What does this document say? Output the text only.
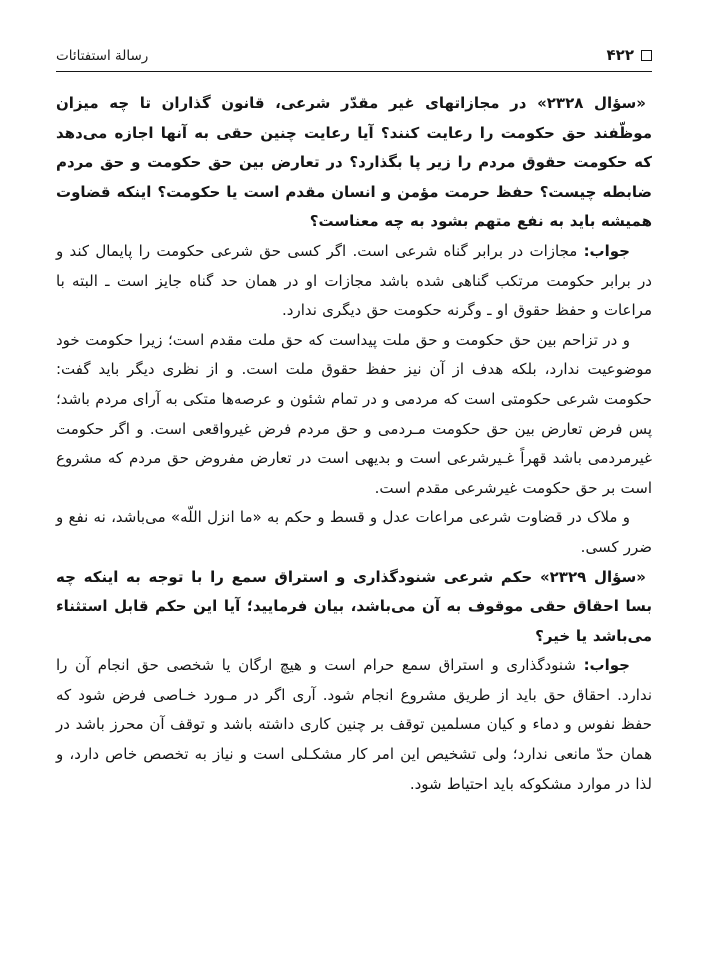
۴۲۲
رسالة استفتائات

«سؤال ۲۳۲۸» در مجازاتهای غیر مقدّر شرعی، قانون گذاران تا چه میزان موظّفند حق حکومت را رعایت کنند؟ آیا رعایت چنین حقی به آنها اجازه می‌دهد که حکومت حقوق مردم را زیر پا بگذارد؟ در تعارض بین حق حکومت و حق مردم ضابطه چیست؟ حفظ حرمت مؤمن و انسان مقدم است یا حکومت؟ اینکه قضاوت همیشه باید به نفع متهم بشود به چه معناست؟

جواب: مجازات در برابر گناه شرعی است. اگر کسی حق شرعی حکومت را پایمال کند و در برابر حکومت مرتکب گناهی شده باشد مجازات او در همان حد گناه جایز است ـ البته با مراعات و حفظ حقوق او ـ وگرنه حکومت حق دیگری ندارد.

و در تزاحم بین حق حکومت و حق ملت پیداست که حق ملت مقدم است؛ زیرا حکومت خود موضوعیت ندارد، بلکه هدف از آن نیز حفظ حقوق ملت است. و از نظری دیگر باید گفت: حکومت شرعی حکومتی است که مردمی و در تمام شئون و عرصه‌ها متکی به آرای مردم باشد؛ پس فرض تعارض بین حق حکومت مـردمی و حق مردم فرض غیرواقعی است. و اگر حکومت غیرمردمی باشد قهراً غـیرشرعی است و بدیهی است در تعارض مفروض حق مردم که مشروع است بر حق حکومت غیرشرعی مقدم است.

و ملاک در قضاوت شرعی مراعات عدل و قسط و حکم به «ما انزل اللّه» می‌باشد، نه نفع و ضرر کسی.

«سؤال ۲۳۲۹» حکم شرعی شنودگذاری و استراق سمع را با توجه به اینکه چه بسا احقاق حقی موقوف به آن می‌باشد، بیان فرمایید؛ آیا این حکم قابل استثناء می‌باشد یا خیر؟

جواب: شنودگذاری و استراق سمع حرام است و هیچ ارگان یا شخصی حق انجام آن را ندارد. احقاق حق باید از طریق مشروع انجام شود. آری اگر در مـورد خـاصی فرض شود که حفظ نفوس و دماء و کیان مسلمین توقف بر چنین کاری داشته باشد و توقف آن محرز باشد در همان حدّ مانعی ندارد؛ ولی تشخیص این امر کار مشکـلی است و نیاز به تخصص خاص دارد، و لذا در موارد مشکوکه باید احتیاط شود.
